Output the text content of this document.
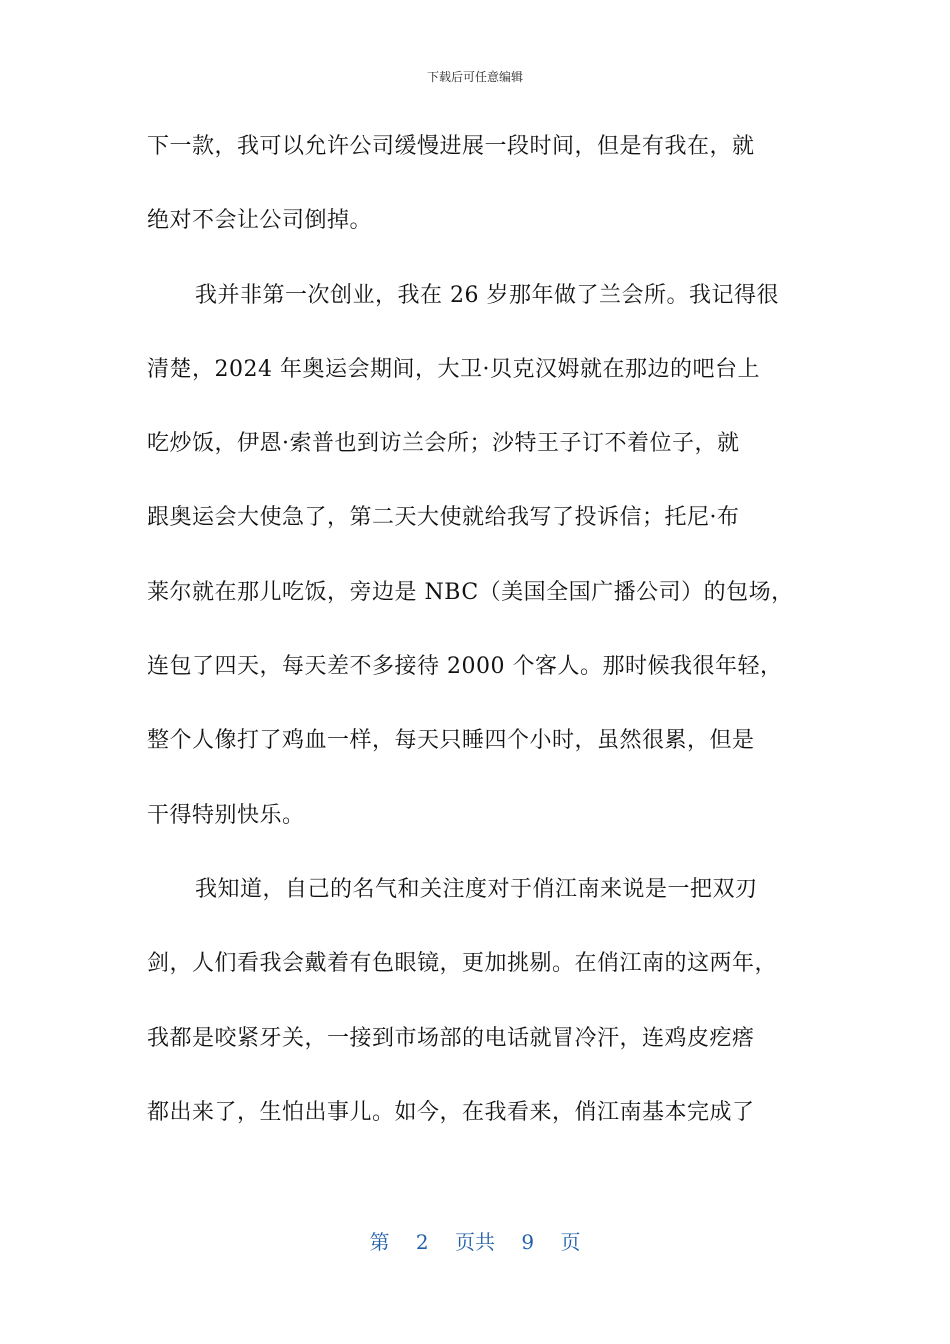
下载后可任意编辑
下一款，我可以允许公司缓慢进展一段时间，但是有我在，就
绝对不会让公司倒掉。
我并非第一次创业，我在 26 岁那年做了兰会所。我记得很
清楚，2024 年奥运会期间，大卫·贝克汉姆就在那边的吧台上
吃炒饭，伊恩·索普也到访兰会所；沙特王子订不着位子，就
跟奥运会大使急了，第二天大使就给我写了投诉信；托尼·布
莱尔就在那儿吃饭，旁边是 NBC（美国全国广播公司）的包场，
连包了四天，每天差不多接待 2000 个客人。那时候我很年轻，
整个人像打了鸡血一样，每天只睡四个小时，虽然很累，但是
干得特别快乐。
我知道，自己的名气和关注度对于俏江南来说是一把双刃
剑，人们看我会戴着有色眼镜，更加挑剔。在俏江南的这两年，
我都是咬紧牙关，一接到市场部的电话就冒冷汗，连鸡皮疙瘩
都出来了，生怕出事儿。如今，在我看来，俏江南基本完成了
第 2 页共 9 页
